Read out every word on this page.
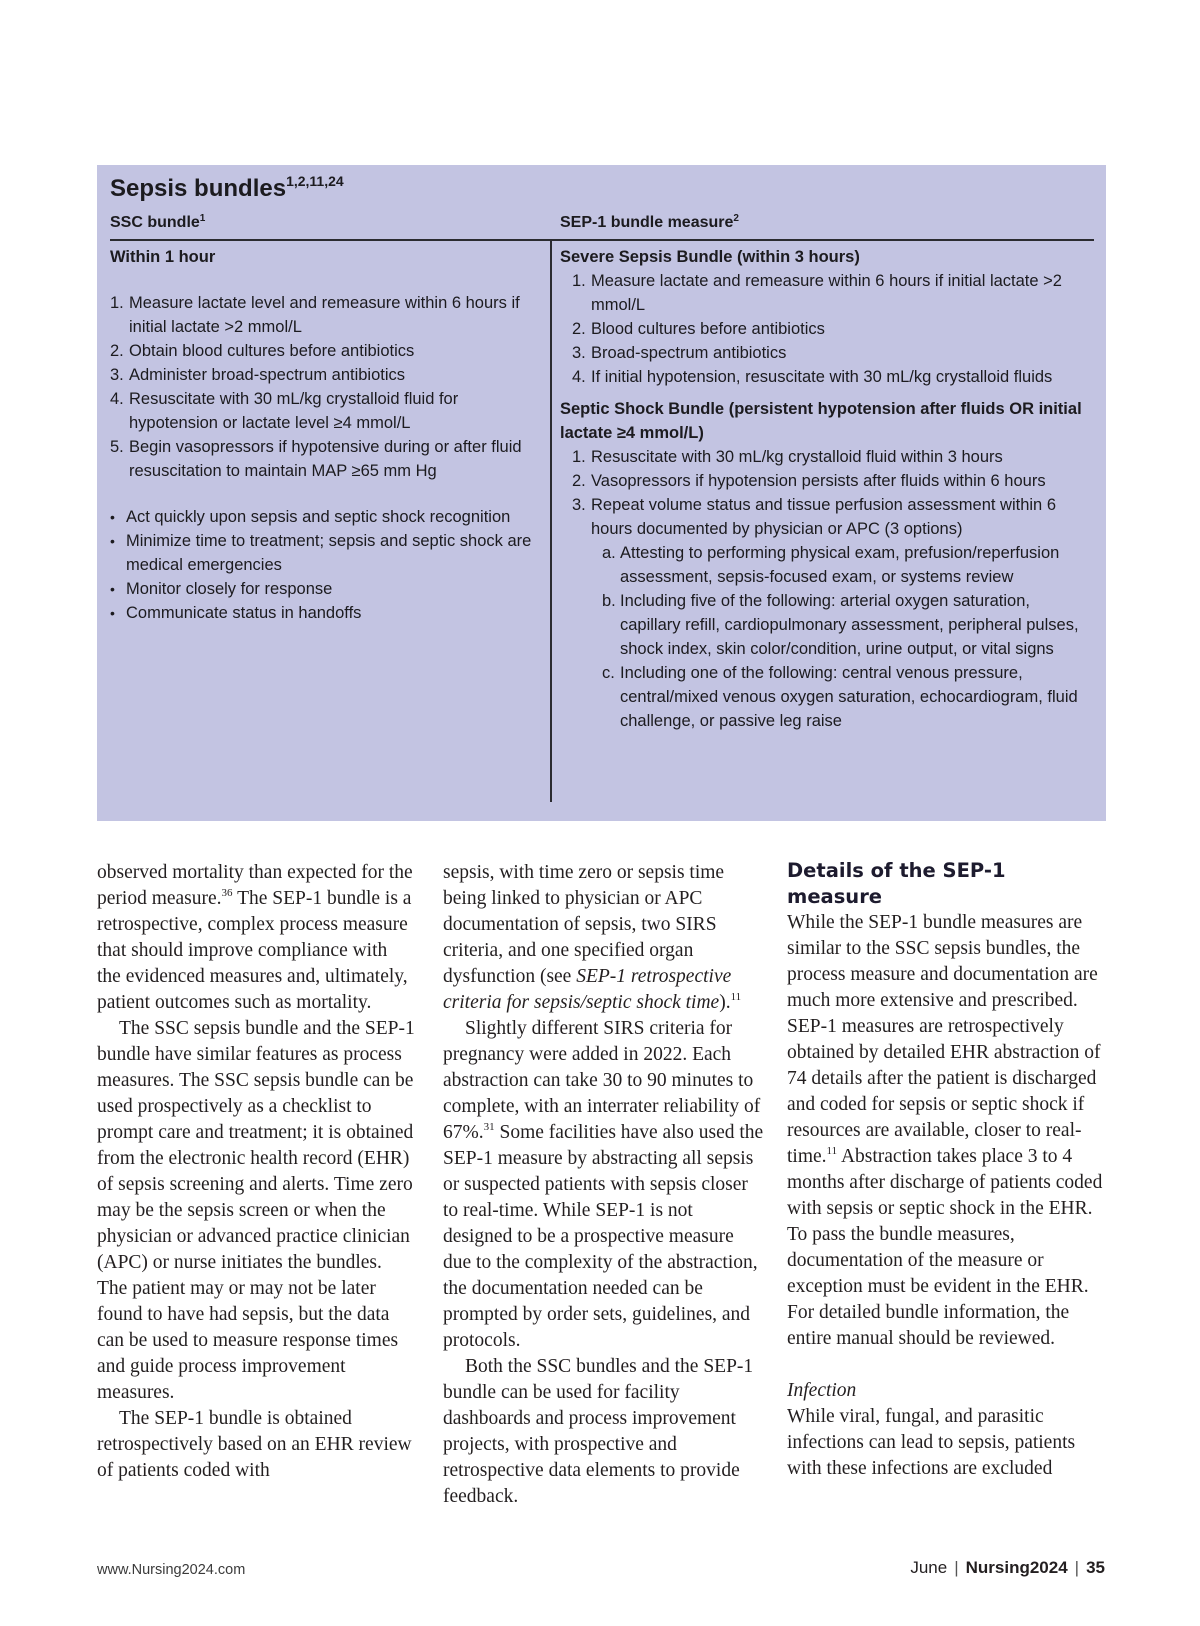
Sepsis bundles$^{1,2,11,24}$

SSC bundle$^1$	SEP-1 bundle measure$^2$

Within 1 hour

1. Measure lactate level and remeasure within 6 hours if initial lactate >2 mmol/L
2. Obtain blood cultures before antibiotics
3. Administer broad-spectrum antibiotics
4. Resuscitate with 30 mL/kg crystalloid fluid for hypotension or lactate level ≥4 mmol/L
5. Begin vasopressors if hypotensive during or after fluid resuscitation to maintain MAP ≥65 mm Hg
• Act quickly upon sepsis and septic shock recognition
• Minimize time to treatment; sepsis and septic shock are medical emergencies
• Monitor closely for response
• Communicate status in handoffs

Severe Sepsis Bundle (within 3 hours)

1. Measure lactate and remeasure within 6 hours if initial lactate >2 mmol/L
2. Blood cultures before antibiotics
3. Broad-spectrum antibiotics
4. If initial hypotension, resuscitate with 30 mL/kg crystalloid fluids

Septic Shock Bundle (persistent hypotension after fluids OR initial lactate ≥4 mmol/L)

1. Resuscitate with 30 mL/kg crystalloid fluid within 3 hours
2. Vasopressors if hypotension persists after fluids within 6 hours
3. Repeat volume status and tissue perfusion assessment within 6 hours documented by physician or APC (3 options)
a. Attesting to performing physical exam, prefusion/reperfusion assessment, sepsis-focused exam, or systems review
b. Including five of the following: arterial oxygen saturation, capillary refill, cardiopulmonary assessment, peripheral pulses, shock index, skin color/condition, urine output, or vital signs
c. Including one of the following: central venous pressure, central/mixed venous oxygen saturation, echocardiogram, fluid challenge, or passive leg raise

observed mortality than expected for the period measure.$^{36}$ The SEP-1 bundle is a retrospective, complex process measure that should improve compliance with the evidenced measures and, ultimately, patient outcomes such as mortality.

The SSC sepsis bundle and the SEP-1 bundle have similar features as process measures. The SSC sepsis bundle can be used prospectively as a checklist to prompt care and treatment; it is obtained from the electronic health record (EHR) of sepsis screening and alerts. Time zero may be the sepsis screen or when the physician or advanced practice clinician (APC) or nurse initiates the bundles. The patient may or may not be later found to have had sepsis, but the data can be used to measure response times and guide process improvement measures.

The SEP-1 bundle is obtained retrospectively based on an EHR review of patients coded with

sepsis, with time zero or sepsis time being linked to physician or APC documentation of sepsis, two SIRS criteria, and one specified organ dysfunction (see SEP-1 retrospective criteria for sepsis/septic shock time).$^{11}$

Slightly different SIRS criteria for pregnancy were added in 2022. Each abstraction can take 30 to 90 minutes to complete, with an interrater reliability of 67%.$^{31}$ Some facilities have also used the SEP-1 measure by abstracting all sepsis or suspected patients with sepsis closer to real-time. While SEP-1 is not designed to be a prospective measure due to the complexity of the abstraction, the documentation needed can be prompted by order sets, guidelines, and protocols.

Both the SSC bundles and the SEP-1 bundle can be used for facility dashboards and process improvement projects, with prospective and retrospective data elements to provide feedback.

Details of the SEP-1 measure

While the SEP-1 bundle measures are similar to the SSC sepsis bundles, the process measure and documentation are much more extensive and prescribed. SEP-1 measures are retrospectively obtained by detailed EHR abstraction of 74 details after the patient is discharged and coded for sepsis or septic shock if resources are available, closer to real-time.$^{11}$ Abstraction takes place 3 to 4 months after discharge of patients coded with sepsis or septic shock in the EHR. To pass the bundle measures, documentation of the measure or exception must be evident in the EHR. For detailed bundle information, the entire manual should be reviewed.

Infection

While viral, fungal, and parasitic infections can lead to sepsis, patients with these infections are excluded

www.Nursing2024.com	June | Nursing2024 | 35
